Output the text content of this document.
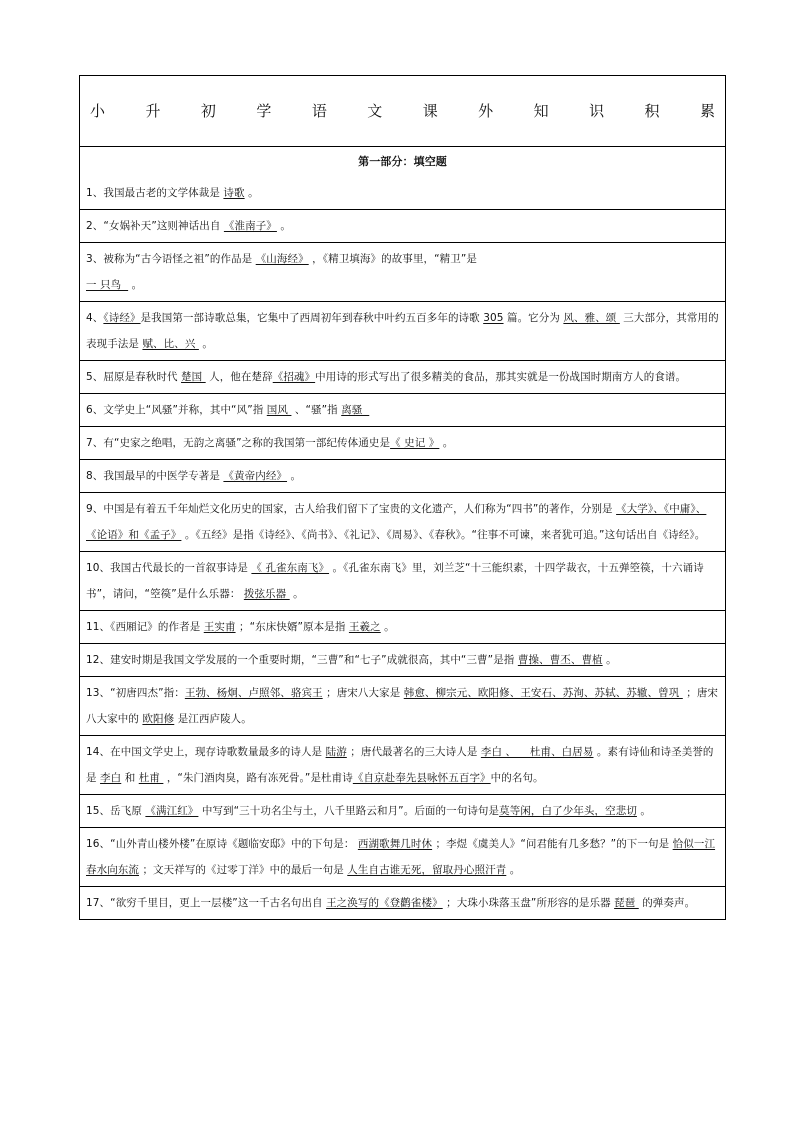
小	升	初	学	语	文	课	外	知	识	积	累
第一部分：填空题
1、我国最古老的文学体裁是 诗歌 。
2、“女娲补天”这则神话出自 《淮南子》 。
3、被称为“古今语怪之祖”的作品是 《山海经》 ，《精卫填海》的故事里，“精卫”是
一 只鸟   。
4、《诗经》是我国第一部诗歌总集，它集中了西周初年到春秋中叶约五百多年的诗歌 305 篇。它分为 风、雅、颂  三大部分，其常用的表现手法是 赋、比、兴  。
5、屈原是春秋时代 楚国  人，他在楚辞《招魂》中用诗的形式写出了很多精美的食品，那其实就是一份战国时期南方人的食谱。
6、文学史上“风骚”并称，其中“风”指 国风  、“骚”指 离骚
7、有“史家之绝唱，无韵之离骚”之称的我国第一部纪传体通史是《 史记 》 。
8、我国最早的中医学专著是 《黄帝内经》 。
9、中国是有着五千年灿烂文化历史的国家，古人给我们留下了宝贵的文化遗产，人们称为“四书”的著作，分别是 《大学》、《中庸》、《论语》和《孟子》 。《五经》是指《诗经》、《尚书》、《礼记》、《周易》、《春秋》。“往事不可谏，来者犹可追。”这句话出自《诗经》。
10、我国古代最长的一首叙事诗是 《 孔雀东南飞》 。《孔雀东南飞》里，刘兰芝“十三能织素，十四学裁衣，十五弹箜篌，十六诵诗书”，请问，“箜篌”是什么乐器： 拨弦乐器  。
11、《西厢记》的作者是 王实甫 ；“东床快婿”原本是指 王羲之 。
12、建安时期是我国文学发展的一个重要时期，“三曹”和“七子”成就很高，其中“三曹”是指 曹操、曹丕、曹植 。
13、“初唐四杰”指：王勃、杨炯、卢照邻、骆宾王 ；唐宋八大家是 韩愈、柳宗元、欧阳修、王安石、苏洵、苏轼、苏辙、曾巩  ；唐宋八大家中的 欧阳修 是江西庐陵人。
14、在中国文学史上，现存诗歌数量最多的诗人是 陆游 ；唐代最著名的三大诗人是 李白 、    杜甫、白居易 。素有诗仙和诗圣美誉的是 李白 和 杜甫  ，“朱门酒肉臭，路有冻死骨。”是杜甫诗《自京赴奉先县咏怀五百字》中的名句。
15、岳飞原 《满江红》 中写到“三十功名尘与土，八千里路云和月”。后面的一句诗句是莫等闲，白了少年头，空悲切 。
16、“山外青山楼外楼”在原诗《题临安邸》中的下句是： 西湖歌舞几时休 ；李煜《虞美人》“问君能有几多愁？”的下一句是 恰似一江春水向东流 ；文天祥写的《过零丁洋》中的最后一句是 人生自古谁无死，留取丹心照汗青 。
17、“欲穷千里目，更上一层楼”这一千古名句出自 王之涣写的《登鹳雀楼》 ；大珠小珠落玉盘”所形容的是乐器 琵琶  的弹奏声。
